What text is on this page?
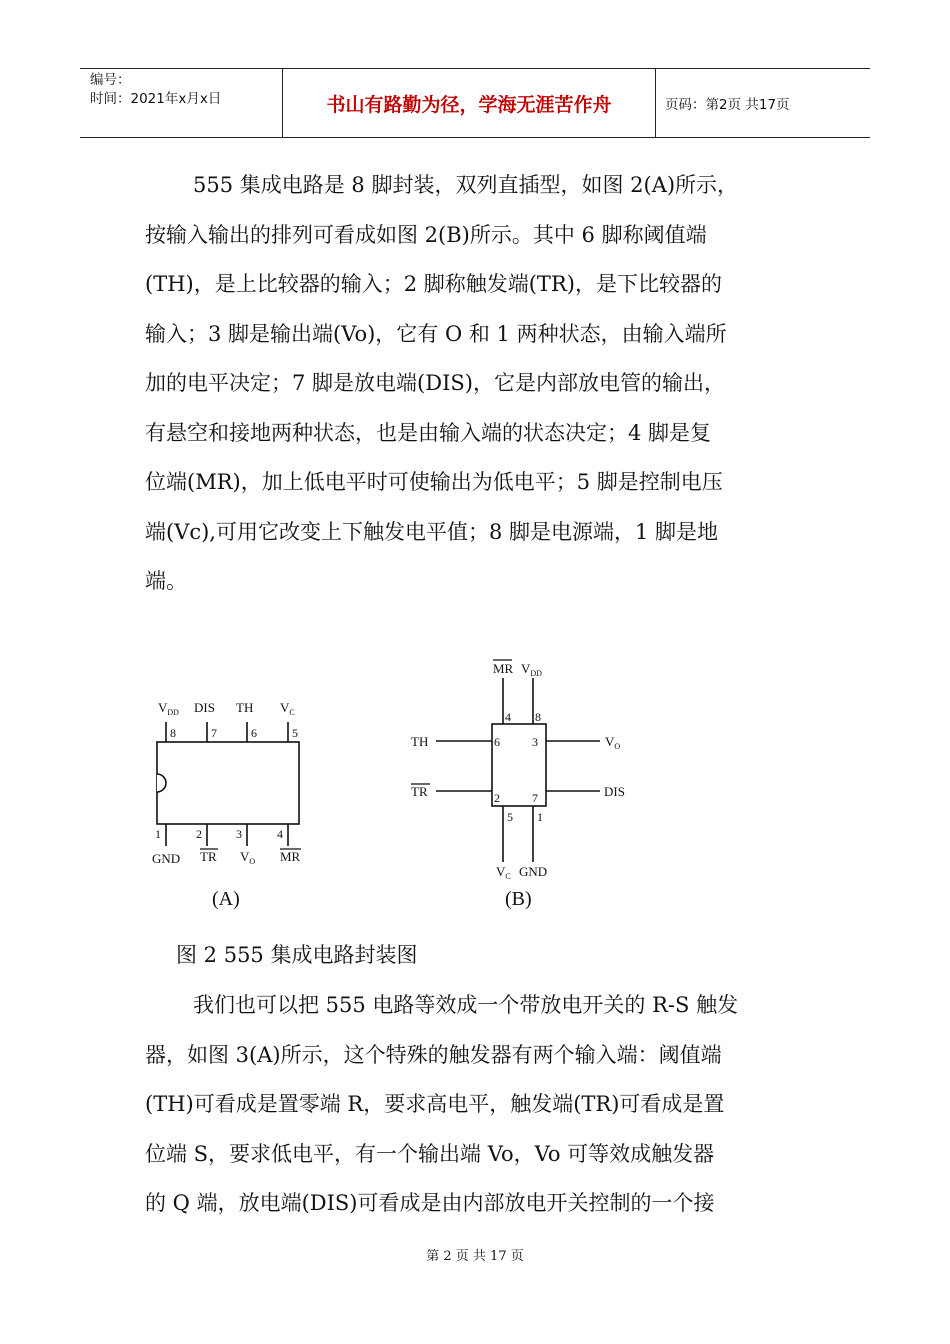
编号：
时间：2021年x月x日	书山有路勤为径，学海无涯苦作舟	页码：第2页 共17页
555 集成电路是 8 脚封装，双列直插型，如图 2(A)所示，
按输入输出的排列可看成如图 2(B)所示。其中 6 脚称阈值端
(TH)，是上比较器的输入；2 脚称触发端(TR)，是下比较器的
输入；3 脚是输出端(Vo)，它有 O 和 1 两种状态，由输入端所
加的电平决定；7 脚是放电端(DIS)，它是内部放电管的输出，
有悬空和接地两种状态，也是由输入端的状态决定；4 脚是复
位端(MR)，加上低电平时可使输出为低电平；5 脚是控制电压
端(Vc),可用它改变上下触发电平值；8 脚是电源端，1 脚是地
端。
$V_{DD}$ DIS TH $V_C$
8	7	6	5
1	2	3	4
GND TR $V_O$ MR
(A)
MR $V_{DD}$
4 8
TH
TR
6
2
3
7
$V_O$
DIS
5 1
$V_C$ GND
(B)
图 2 555 集成电路封装图
我们也可以把 555 电路等效成一个带放电开关的 R-S 触发
器，如图 3(A)所示，这个特殊的触发器有两个输入端：阈值端
(TH)可看成是置零端 R，要求高电平，触发端(TR)可看成是置
位端 S，要求低电平，有一个输出端 Vo，Vo 可等效成触发器
的 Q 端，放电端(DIS)可看成是由内部放电开关控制的一个接
第 2 页 共 17 页
